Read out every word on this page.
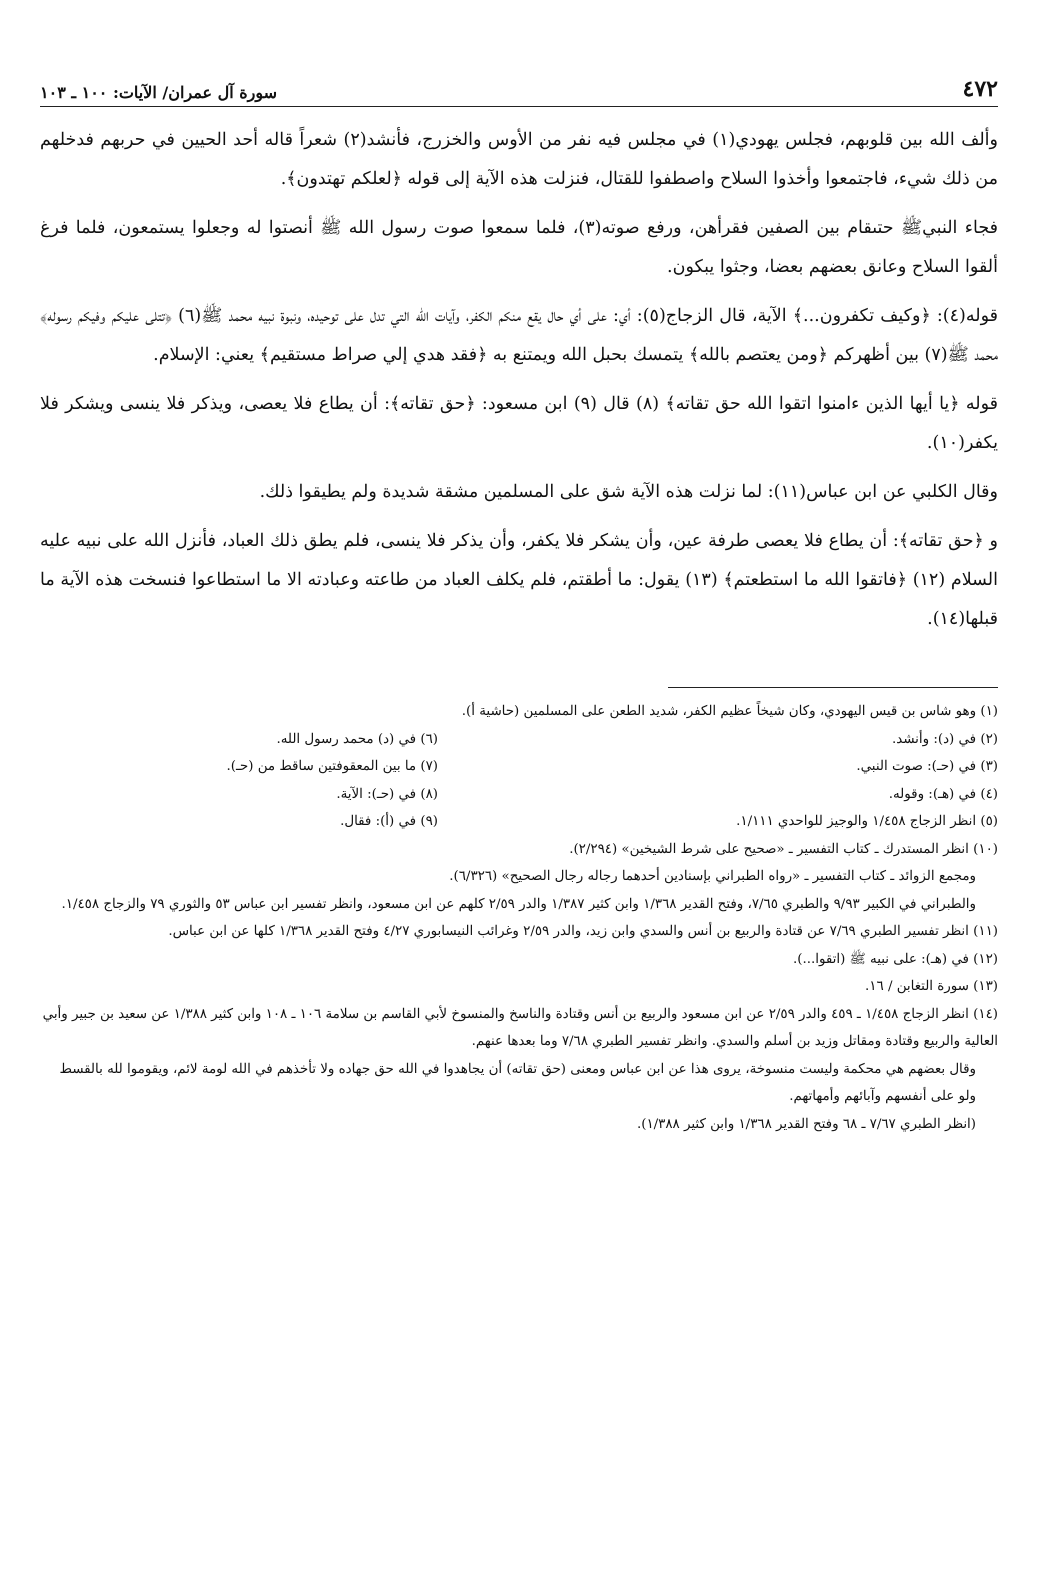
٤٧٢
سورة آل عمران/ الآيات: ١٠٠ ـ ١٠٣

وألف الله بين قلوبهم، فجلس يهودي(١) في مجلس فيه نفر من الأوس والخزرج، فأنشد(٢) شعراً قاله أحد الحيين في حربهم فدخلهم من ذلك شيء، فاجتمعوا وأخذوا السلاح واصطفوا للقتال، فنزلت هذه الآية إلى قوله ﴿لعلكم تهتدون﴾.

فجاء النبيﷺ حتىقام بين الصفين فقرأهن، ورفع صوته(٣)، فلما سمعوا صوت رسول الله ﷺ أنصتوا له وجعلوا يستمعون، فلما فرغ ألقوا السلاح وعانق بعضهم بعضا، وجثوا يبكون.

قوله(٤): ﴿وكيف تكفرون...﴾ الآية، قال الزجاج(٥): أي: على أي حال يقع منكم الكفر، وآيات الله التي تدل على توحيده، ونبوة نبيه محمد ﷺ(٦) ﴿تتلى عليكم وفيكم رسوله﴾ محمد ﷺ(٧) بين أظهركم ﴿ومن يعتصم بالله﴾ يتمسك بحبل الله ويمتنع به ﴿فقد هدي إلي صراط مستقيم﴾ يعني: الإسلام.

قوله ﴿يا أيها الذين ءامنوا اتقوا الله حق تقاته﴾ (٨) قال (٩) ابن مسعود: ﴿حق تقاته﴾: أن يطاع فلا يعصى، ويذكر فلا ينسى ويشكر فلا يكفر(١٠).

وقال الكلبي عن ابن عباس(١١): لما نزلت هذه الآية شق على المسلمين مشقة شديدة ولم يطيقوا ذلك.

و ﴿حق تقاته﴾: أن يطاع فلا يعصى طرفة عين، وأن يشكر فلا يكفر، وأن يذكر فلا ينسى، فلم يطق ذلك العباد، فأنزل الله على نبيه عليه السلام (١٢) ﴿فاتقوا الله ما استطعتم﴾ (١٣) يقول: ما أطقتم، فلم يكلف العباد من طاعته وعبادته الا ما استطاعوا فنسخت هذه الآية ما قبلها(١٤).

(١) وهو شاس بن قيس اليهودي، وكان شيخاً عظيم الكفر، شديد الطعن على المسلمين (حاشية أ).

(٢) في (د): وأنشد.
(٦) في (د) محمد رسول الله.
(٣) في (حـ): صوت النبي.
(٧) ما بين المعقوفتين ساقط من (حـ).
(٤) في (هـ): وقوله.
(٨) في (حـ): الآية.
(٥) انظر الزجاج ١/٤٥٨ والوجيز للواحدي ١/١١١.
(٩) في (أ): فقال.

(١٠) انظر المستدرك ـ كتاب التفسير ـ «صحيح على شرط الشيخين» (٢/٢٩٤).

ومجمع الزوائد ـ كتاب التفسير ـ «رواه الطبراني بإسنادين أحدهما رجاله رجال الصحيح» (٦/٣٢٦).

والطبراني في الكبير ٩/٩٣ والطبري ٧/٦٥، وفتح القدير ١/٣٦٨ وابن كثير ١/٣٨٧ والدر ٢/٥٩ كلهم عن ابن مسعود، وانظر تفسير ابن عباس ٥٣ والثوري ٧٩ والزجاج ١/٤٥٨.

(١١) انظر تفسير الطبري ٧/٦٩ عن قتادة والربيع بن أنس والسدي وابن زيد، والدر ٢/٥٩ وغرائب النيسابوري ٤/٢٧ وفتح القدير ١/٣٦٨ كلها عن ابن عباس.

(١٢) في (هـ): على نبيه ﷺ (اتقوا...).

(١٣) سورة التغابن / ١٦.

(١٤) انظر الزجاج ١/٤٥٨ ـ ٤٥٩ والدر ٢/٥٩ عن ابن مسعود والربيع بن أنس وقتادة والناسخ والمنسوخ لأبي القاسم بن سلامة ١٠٦ ـ ١٠٨ وابن كثير ١/٣٨٨ عن سعيد بن جبير وأبي العالية والربيع وقتادة ومقاتل وزيد بن أسلم والسدي. وانظر تفسير الطبري ٧/٦٨ وما بعدها عنهم.

وقال بعضهم هي محكمة وليست منسوخة، يروى هذا عن ابن عباس ومعنى (حق تقاته) أن يجاهدوا في الله حق جهاده ولا تأخذهم في الله لومة لائم، ويقوموا لله بالقسط ولو على أنفسهم وآبائهم وأمهاتهم.

(انظر الطبري ٧/٦٧ ـ ٦٨ وفتح القدير ١/٣٦٨ وابن كثير ١/٣٨٨).
